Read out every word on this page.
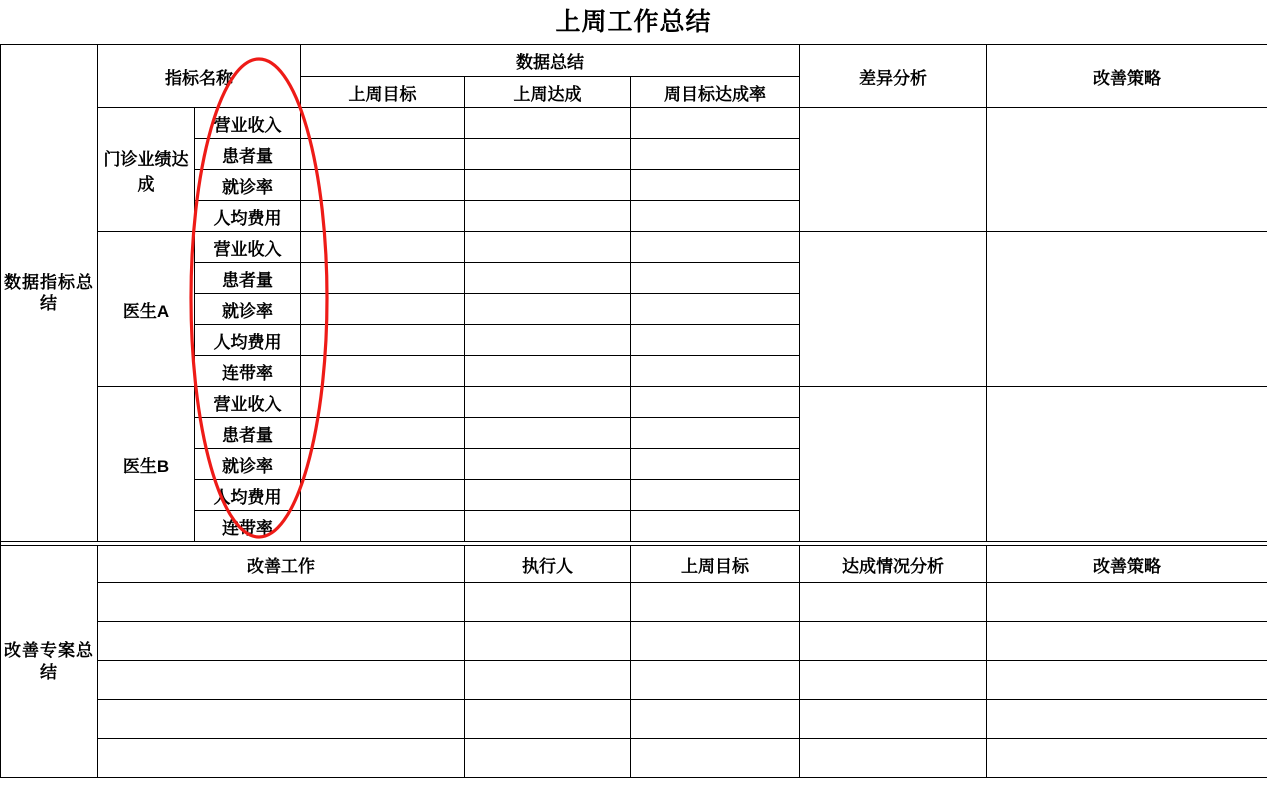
上周工作总结
数据指标总结	指标名称		数据总结			差异分析	改善策略
			上周目标	上周达成	周目标达成率		
	门诊业绩达成	营业收入					
		患者量					
		就诊率					
		人均费用					
	医生A	营业收入					
		患者量					
		就诊率					
		人均费用					
		连带率					
	医生B	营业收入					
		患者量					
		就诊率					
		人均费用					
		连带率					

改善专案总结	改善工作			执行人	上周目标	达成情况分析	改善策略
